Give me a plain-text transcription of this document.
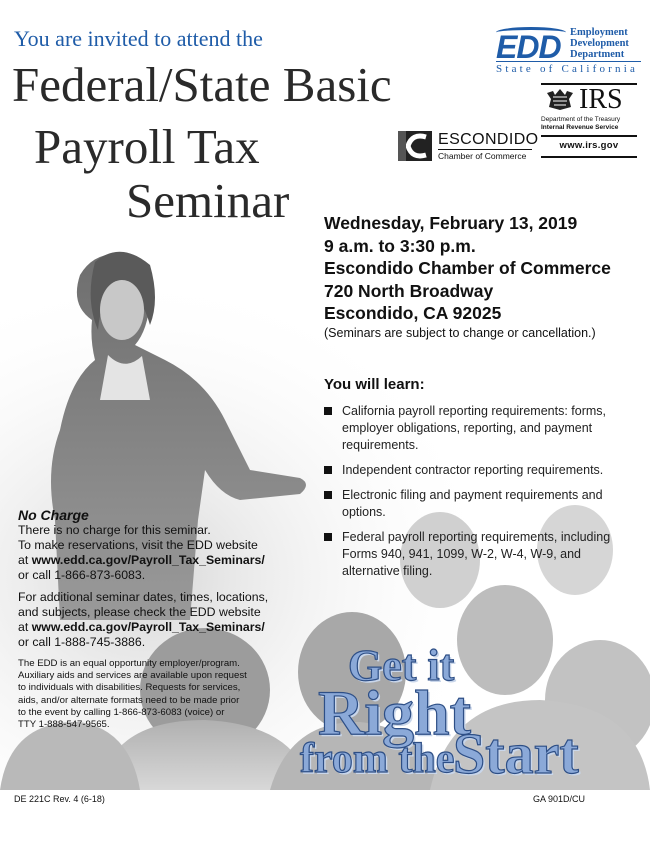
You are invited to attend the
Federal/State Basic
Payroll Tax
Seminar
EDD Employment
Development
Department
State of California
IRS
Department of the Treasury
Internal Revenue Service
www.irs.gov
ESCONDIDO
Chamber of Commerce
Wednesday, February 13, 2019
9 a.m. to 3:30 p.m.
Escondido Chamber of Commerce
720 North Broadway
Escondido, CA 92025
(Seminars are subject to change or cancellation.)
You will learn:
California payroll reporting requirements: forms, employer obligations, reporting, and payment requirements.
Independent contractor reporting requirements.
Electronic filing and payment requirements and options.
Federal payroll reporting requirements, including Forms 940, 941, 1099, W-2, W-4, W-9, and alternative filing.
No Charge
There is no charge for this seminar.
To make reservations, visit the EDD website
at www.edd.ca.gov/Payroll_Tax_Seminars/
or call 1-866-873-6083.
For additional seminar dates, times, locations,
and subjects, please check the EDD website
at www.edd.ca.gov/Payroll_Tax_Seminars/
or call 1-888-745-3886.
The EDD is an equal opportunity employer/program.
Auxiliary aids and services are available upon request
to individuals with disabilities. Requests for services,
aids, and/or alternate formats need to be made prior
to the event by calling 1-866-873-6083 (voice) or
TTY 1-888-547-9565.
Get it
Right
from the
Start
DE 221C Rev. 4 (6-18)	GA 901D/CU
